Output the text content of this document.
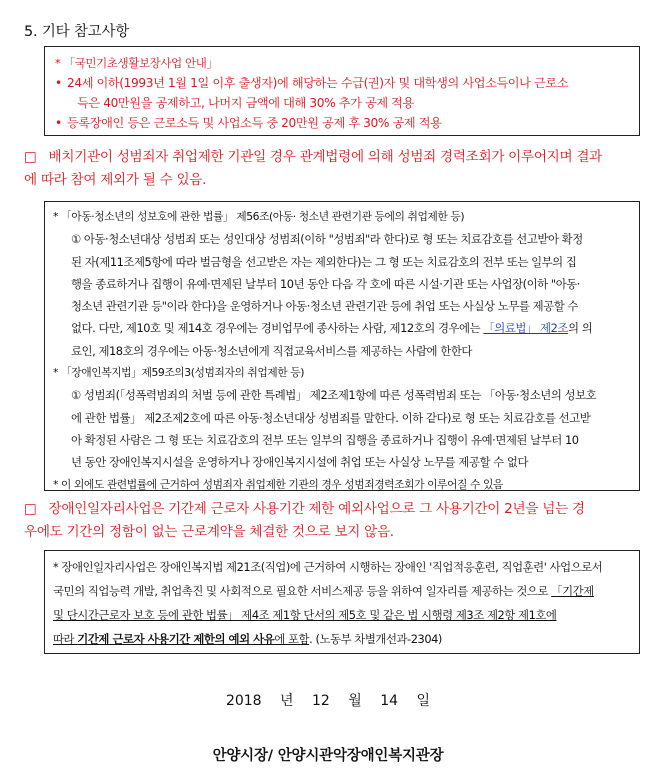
5. 기타 참고사항
* 「국민기초생활보장사업 안내」
• 24세 이하(1993년 1월 1일 이후 출생자)에 해당하는 수급(권)자 및 대학생의 사업소득이나 근로소
득은 40만원을 공제하고, 나머지 금액에 대해 30% 추가 공제 적용
• 등록장애인 등은 근로소득 및 사업소득 중 20만원 공제 후 30% 공제 적용
□ 배치기관이 성범죄자 취업제한 기관일 경우 관계법령에 의해 성범죄 경력조회가 이루어지며 결과
에 따라 참여 제외가 될 수 있음.
* 「아동·청소년의 성보호에 관한 법률」 제56조(아동· 청소년 관련기관 등에의 취업제한 등)
① 아동·청소년대상 성범죄 또는 성인대상 성범죄(이하 "성범죄"라 한다)로 형 또는 치료감호를 선고받아 확정
된 자(제11조제5항에 따라 벌금형을 선고받은 자는 제외한다)는 그 형 또는 치료감호의 전부 또는 일부의 집
행을 종료하거나 집행이 유예·면제된 날부터 10년 동안 다음 각 호에 따른 시설·기관 또는 사업장(이하 "아동·
청소년 관련기관 등"이라 한다)을 운영하거나 아동·청소년 관련기관 등에 취업 또는 사실상 노무를 제공할 수
없다. 다만, 제10호 및 제14호 경우에는 경비업무에 종사하는 사람, 제12호의 경우에는 「의료법」 제2조의 의
료인, 제18호의 경우에는 아동·청소년에게 직접교육서비스를 제공하는 사람에 한한다
* 「장애인복지법」제59조의3(성범죄자의 취업제한 등)
① 성범죄(「성폭력범죄의 처벌 등에 관한 특례법」 제2조제1항에 따른 성폭력범죄 또는 「아동·청소년의 성보호
에 관한 법률」 제2조제2호에 따른 아동·청소년대상 성범죄를 말한다. 이하 같다)로 형 또는 치료감호를 선고받
아 확정된 사람은 그 형 또는 치료감호의 전부 또는 일부의 집행을 종료하거나 집행이 유예·면제된 날부터 10
년 동안 장애인복지시설을 운영하거나 장애인복지시설에 취업 또는 사실상 노무를 제공할 수 없다
* 이 외에도 관련법률에 근거하여 성범죄자 취업제한 기관의 경우 성범죄경력조회가 이루어질 수 있음
□ 장애인일자리사업은 기간제 근로자 사용기간 제한 예외사업으로 그 사용기간이 2년을 넘는 경
우에도 기간의 정함이 없는 근로계약을 체결한 것으로 보지 않음.
* 장애인일자리사업은 장애인복지법 제21조(직업)에 근거하여 시행하는 장애인 '직업적응훈련, 직업훈련' 사업으로서
국민의 직업능력 개발, 취업촉진 및 사회적으로 필요한 서비스제공 등을 위하여 일자리를 제공하는 것으로 「기간제
및 단시간근로자 보호 등에 관한 법률」 제4조 제1항 단서의 제5호 및 같은 법 시행령 제3조 제2항 제1호에
따라 기간제 근로자 사용기간 제한의 예외 사유에 포함. (노동부 차별개선과-2304)
2018 년 12 월 14 일
안양시장/ 안양시관악장애인복지관장
